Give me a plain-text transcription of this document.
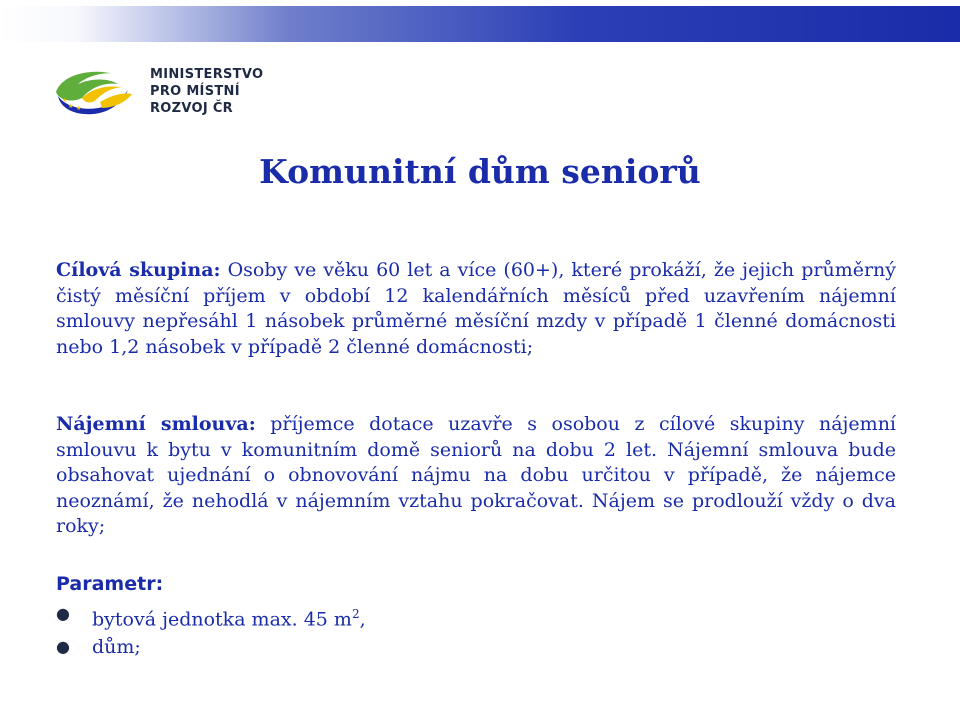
★ ★
★
MINISTERSTVO
PRO MÍSTNÍ
ROZVOJ ČR
Komunitní dům seniorů
Cílová skupina: Osoby ve věku 60 let a více (60+), které prokáží, že jejich průměrný čistý měsíční příjem v období 12 kalendářních měsíců před uzavřením nájemní smlouvy nepřesáhl 1 násobek průměrné měsíční mzdy v případě 1 členné domácnosti nebo 1,2 násobek v případě 2 členné domácnosti;
Nájemní smlouva: příjemce dotace uzavře s osobou z cílové skupiny nájemní smlouvu k bytu v komunitním domě seniorů na dobu 2 let. Nájemní smlouva bude obsahovat ujednání o obnovování nájmu na dobu určitou v případě, že nájemce neoznámí, že nehodlá v nájemním vztahu pokračovat. Nájem se prodlouží vždy o dva roky;
Parametr:
● bytová jednotka max. 45 $m^2$,
● dům;
